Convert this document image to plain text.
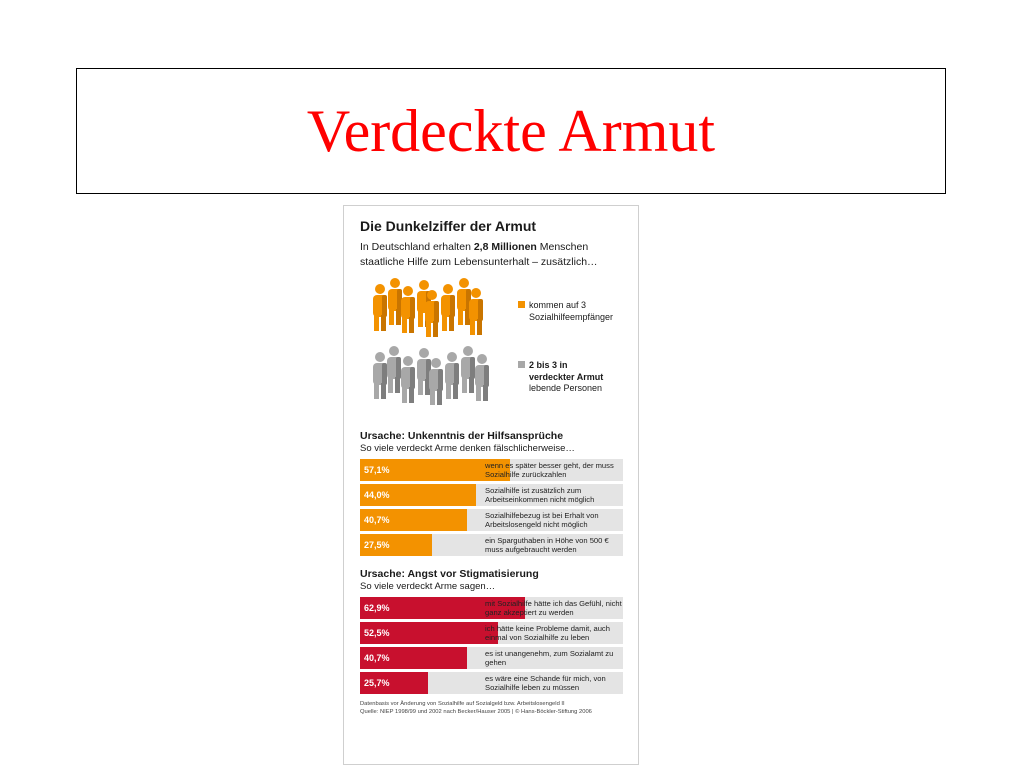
Verdeckte Armut
Die Dunkelziffer der Armut

In Deutschland erhalten 2,8 Millionen Menschen staatliche Hilfe zum Lebensunterhalt – zusätzlich…

kommen auf 3
Sozialhilfeempfänger
2 bis 3 in
verdeckter Armut
lebende Personen
Ursache: Unkenntnis der Hilfsansprüche
So viele verdeckt Arme denken fälschlicherweise…
57,1%	wenn es später besser geht, der muss Sozialhilfe zurückzahlen
44,0%	Sozialhilfe ist zusätzlich zum Arbeitseinkommen nicht möglich
40,7%	Sozialhilfebezug ist bei Erhalt von Arbeitslosengeld nicht möglich
27,5%	ein Sparguthaben in Höhe von 500 € muss aufgebraucht werden
Ursache: Angst vor Stigmatisierung
So viele verdeckt Arme sagen…
62,9%	mit Sozialhilfe hätte ich das Gefühl, nicht ganz akzeptiert zu werden
52,5%	ich hätte keine Probleme damit, auch einmal von Sozialhilfe zu leben
40,7%	es ist unangenehm, zum Sozialamt zu gehen
25,7%	es wäre eine Schande für mich, von Sozialhilfe leben zu müssen
Datenbasis vor Änderung von Sozialhilfe auf Sozialgeld bzw. Arbeitslosengeld II
Quelle: NIEP 1998/99 und 2002 nach Becker/Hauser 2005 | © Hans-Böckler-Stiftung 2006
